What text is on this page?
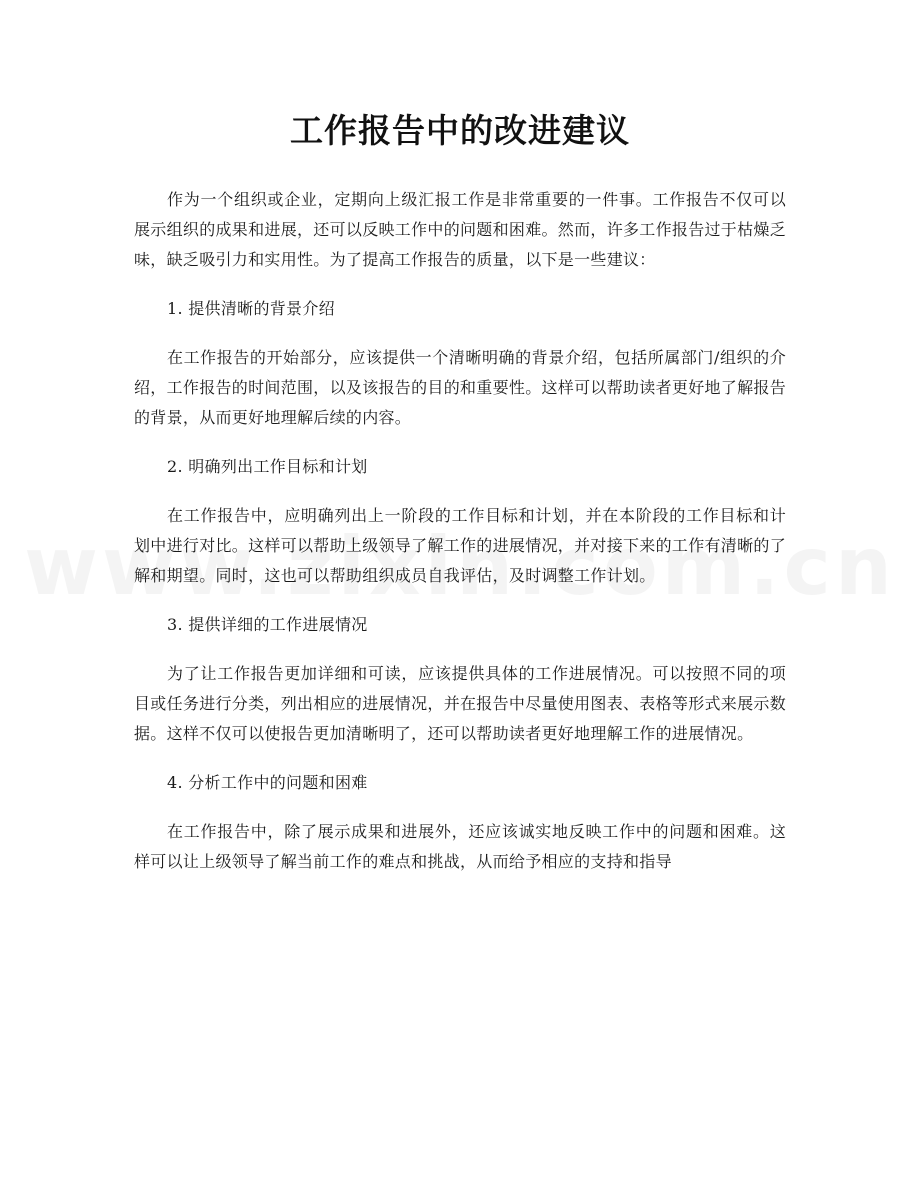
工作报告中的改进建议

作为一个组织或企业，定期向上级汇报工作是非常重要的一件事。工作报告不仅可以展示组织的成果和进展，还可以反映工作中的问题和困难。然而，许多工作报告过于枯燥乏味，缺乏吸引力和实用性。为了提高工作报告的质量，以下是一些建议：

1. 提供清晰的背景介绍

在工作报告的开始部分，应该提供一个清晰明确的背景介绍，包括所属部门/组织的介绍，工作报告的时间范围，以及该报告的目的和重要性。这样可以帮助读者更好地了解报告的背景，从而更好地理解后续的内容。

2. 明确列出工作目标和计划

在工作报告中，应明确列出上一阶段的工作目标和计划，并在本阶段的工作目标和计划中进行对比。这样可以帮助上级领导了解工作的进展情况，并对接下来的工作有清晰的了解和期望。同时，这也可以帮助组织成员自我评估，及时调整工作计划。

3. 提供详细的工作进展情况

为了让工作报告更加详细和可读，应该提供具体的工作进展情况。可以按照不同的项目或任务进行分类，列出相应的进展情况，并在报告中尽量使用图表、表格等形式来展示数据。这样不仅可以使报告更加清晰明了，还可以帮助读者更好地理解工作的进展情况。

4. 分析工作中的问题和困难

在工作报告中，除了展示成果和进展外，还应该诚实地反映工作中的问题和困难。这样可以让上级领导了解当前工作的难点和挑战，从而给予相应的支持和指导
